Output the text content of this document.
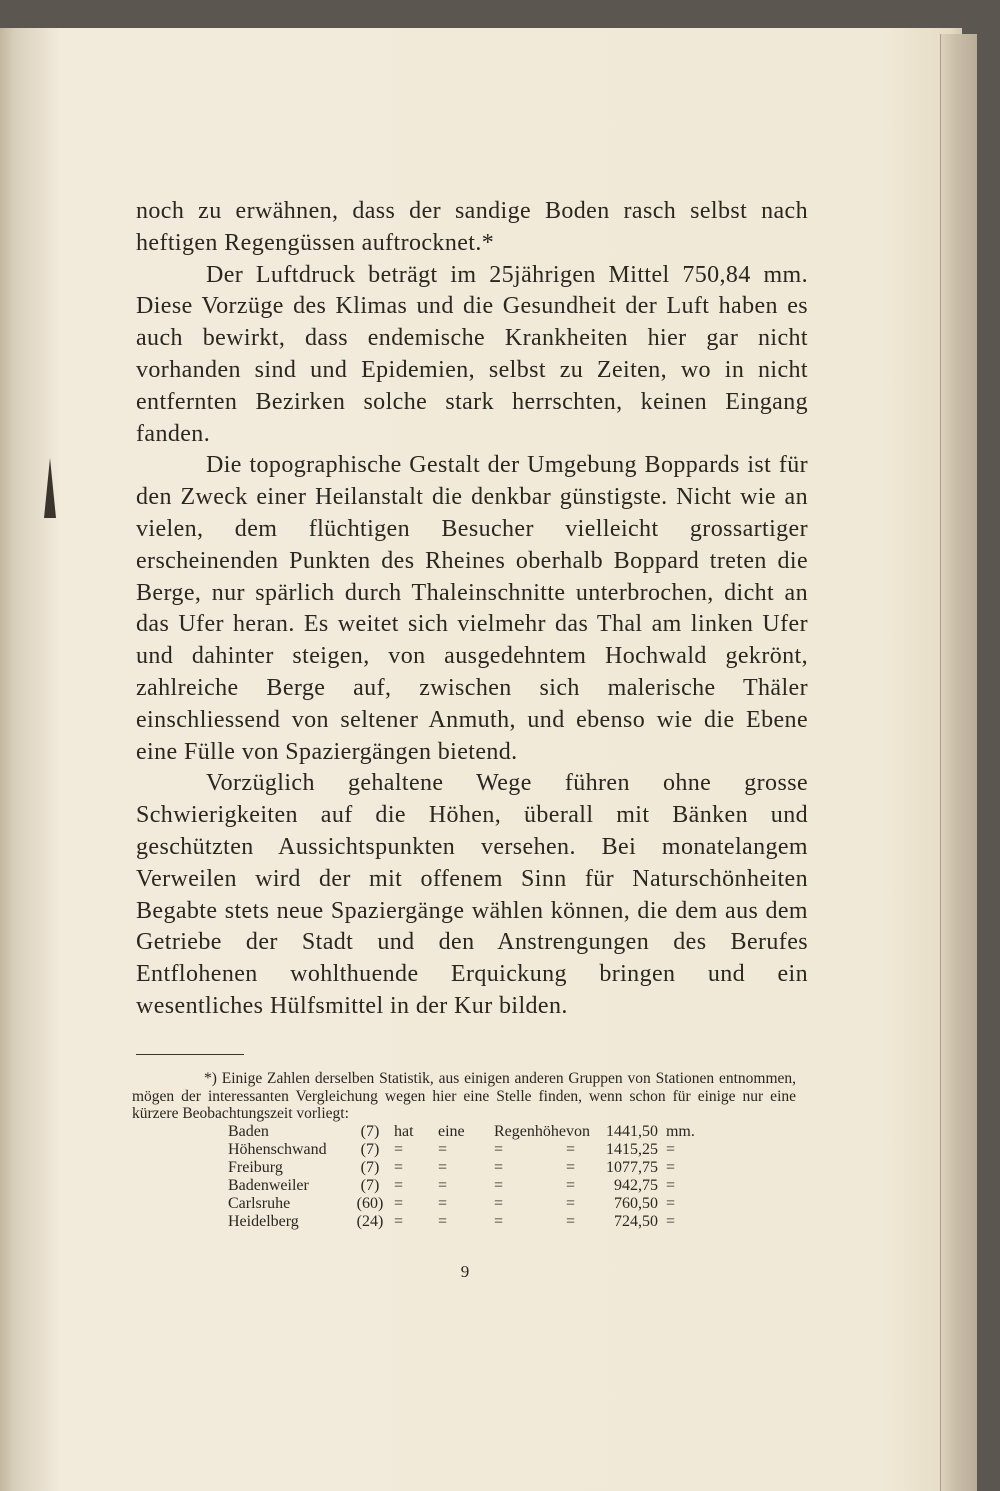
noch zu erwähnen, dass der sandige Boden rasch selbst nach heftigen Regengüssen auftrocknet.*

Der Luftdruck beträgt im 25jährigen Mittel 750,84 mm. Diese Vorzüge des Klimas und die Gesundheit der Luft haben es auch bewirkt, dass endemische Krankheiten hier gar nicht vorhanden sind und Epidemien, selbst zu Zeiten, wo in nicht entfernten Bezirken solche stark herrschten, keinen Eingang fanden.

Die topographische Gestalt der Umgebung Boppards ist für den Zweck einer Heilanstalt die denkbar günstigste. Nicht wie an vielen, dem flüchtigen Besucher vielleicht grossartiger erscheinenden Punkten des Rheines oberhalb Boppard treten die Berge, nur spärlich durch Thaleinschnitte unterbrochen, dicht an das Ufer heran. Es weitet sich vielmehr das Thal am linken Ufer und dahinter steigen, von ausgedehntem Hochwald gekrönt, zahlreiche Berge auf, zwischen sich malerische Thäler einschliessend von seltener Anmuth, und ebenso wie die Ebene eine Fülle von Spaziergängen bietend.

Vorzüglich gehaltene Wege führen ohne grosse Schwierigkeiten auf die Höhen, überall mit Bänken und geschützten Aussichtspunkten versehen. Bei monatelangem Verweilen wird der mit offenem Sinn für Naturschönheiten Begabte stets neue Spaziergänge wählen können, die dem aus dem Getriebe der Stadt und den Anstrengungen des Berufes Entflohenen wohlthuende Erquickung bringen und ein wesentliches Hülfsmittel in der Kur bilden.

*) Einige Zahlen derselben Statistik, aus einigen anderen Gruppen von Stationen entnommen, mögen der interessanten Vergleichung wegen hier eine Stelle finden, wenn schon für einige nur eine kürzere Beobachtungszeit vorliegt:

Baden	(7)	hat	eine	Regenhöhe	von	1441,50	mm.
Höhenschwand	(7)	=	=	=	=	1415,25	=
Freiburg	(7)	=	=	=	=	1077,75	=
Badenweiler	(7)	=	=	=	=	942,75	=
Carlsruhe	(60)	=	=	=	=	760,50	=
Heidelberg	(24)	=	=	=	=	724,50	=
9
